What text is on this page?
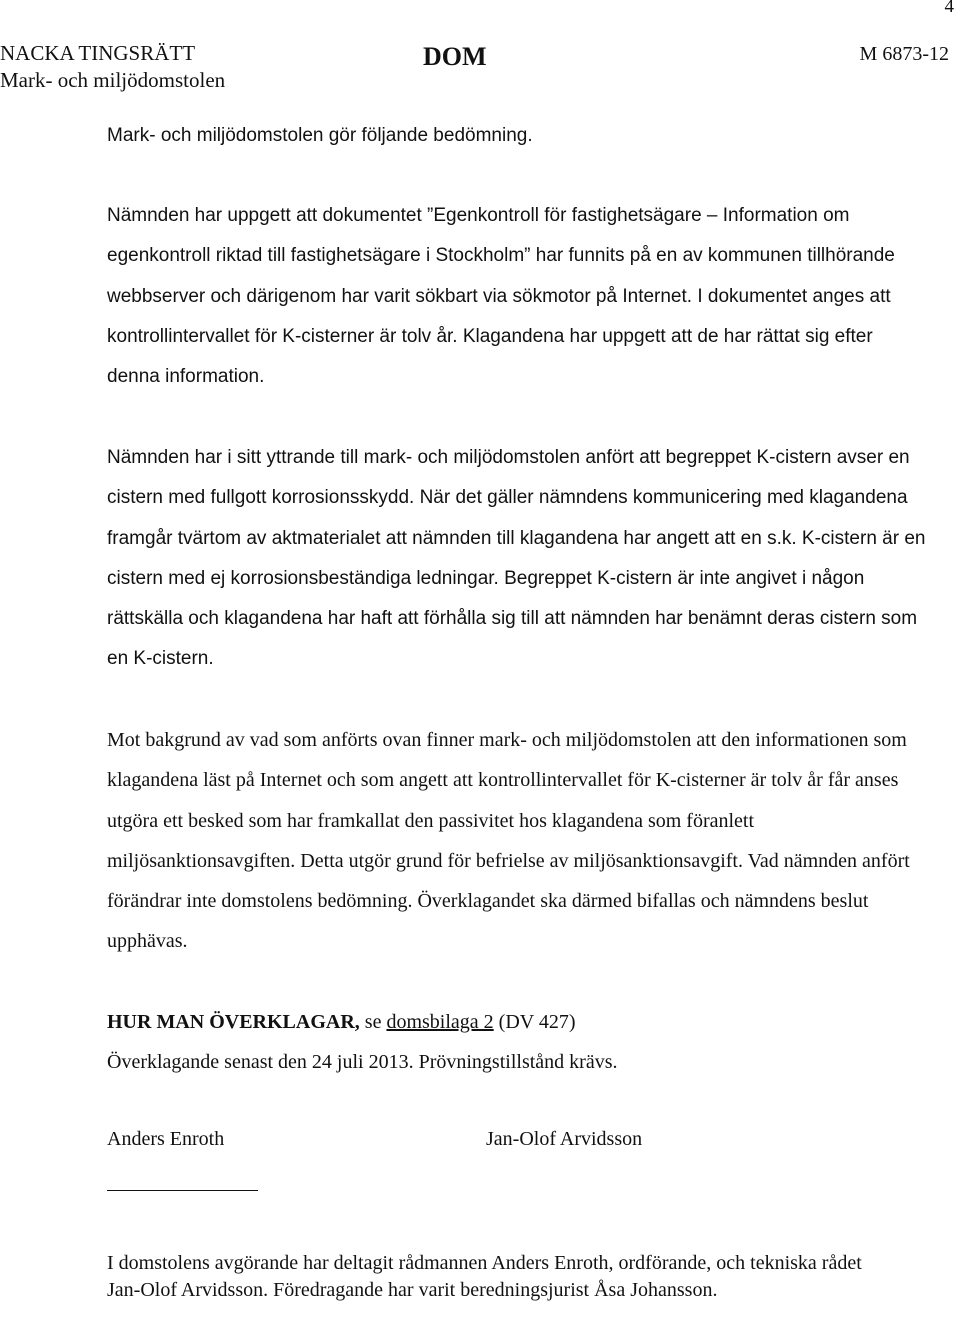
4
NACKA TINGSRÄTT
Mark- och miljödomstolen
DOM	M 6873-12

Mark- och miljödomstolen gör följande bedömning.

Nämnden har uppgett att dokumentet ”Egenkontroll för fastighetsägare – Information om egenkontroll riktad till fastighetsägare i Stockholm” har funnits på en av kommunen tillhörande webbserver och därigenom har varit sökbart via sökmotor på Internet. I dokumentet anges att kontrollintervallet för K-cisterner är tolv år. Klagandena har uppgett att de har rättat sig efter denna information.

Nämnden har i sitt yttrande till mark- och miljödomstolen anfört att begreppet K-cistern avser en cistern med fullgott korrosionsskydd. När det gäller nämndens kommunicering med klagandena framgår tvärtom av aktmaterialet att nämnden till klagandena har angett att en s.k. K-cistern är en cistern med ej korrosionsbeständiga ledningar. Begreppet K-cistern är inte angivet i någon rättskälla och klagandena har haft att förhålla sig till att nämnden har benämnt deras cistern som en K-cistern.

Mot bakgrund av vad som anförts ovan finner mark- och miljödomstolen att den informationen som klagandena läst på Internet och som angett att kontrollintervallet för K-cisterner är tolv år får anses utgöra ett besked som har framkallat den passivitet hos klagandena som föranlett miljösanktionsavgiften. Detta utgör grund för befrielse av miljösanktionsavgift. Vad nämnden anfört förändrar inte domstolens bedömning. Överklagandet ska därmed bifallas och nämndens beslut upphävas.

HUR MAN ÖVERKLAGAR, se domsbilaga 2 (DV 427)
Överklagande senast den 24 juli 2013. Prövningstillstånd krävs.
Anders Enroth	Jan-Olof Arvidsson

I domstolens avgörande har deltagit rådmannen Anders Enroth, ordförande, och tekniska rådet Jan-Olof Arvidsson. Föredragande har varit beredningsjurist Åsa Johansson.
